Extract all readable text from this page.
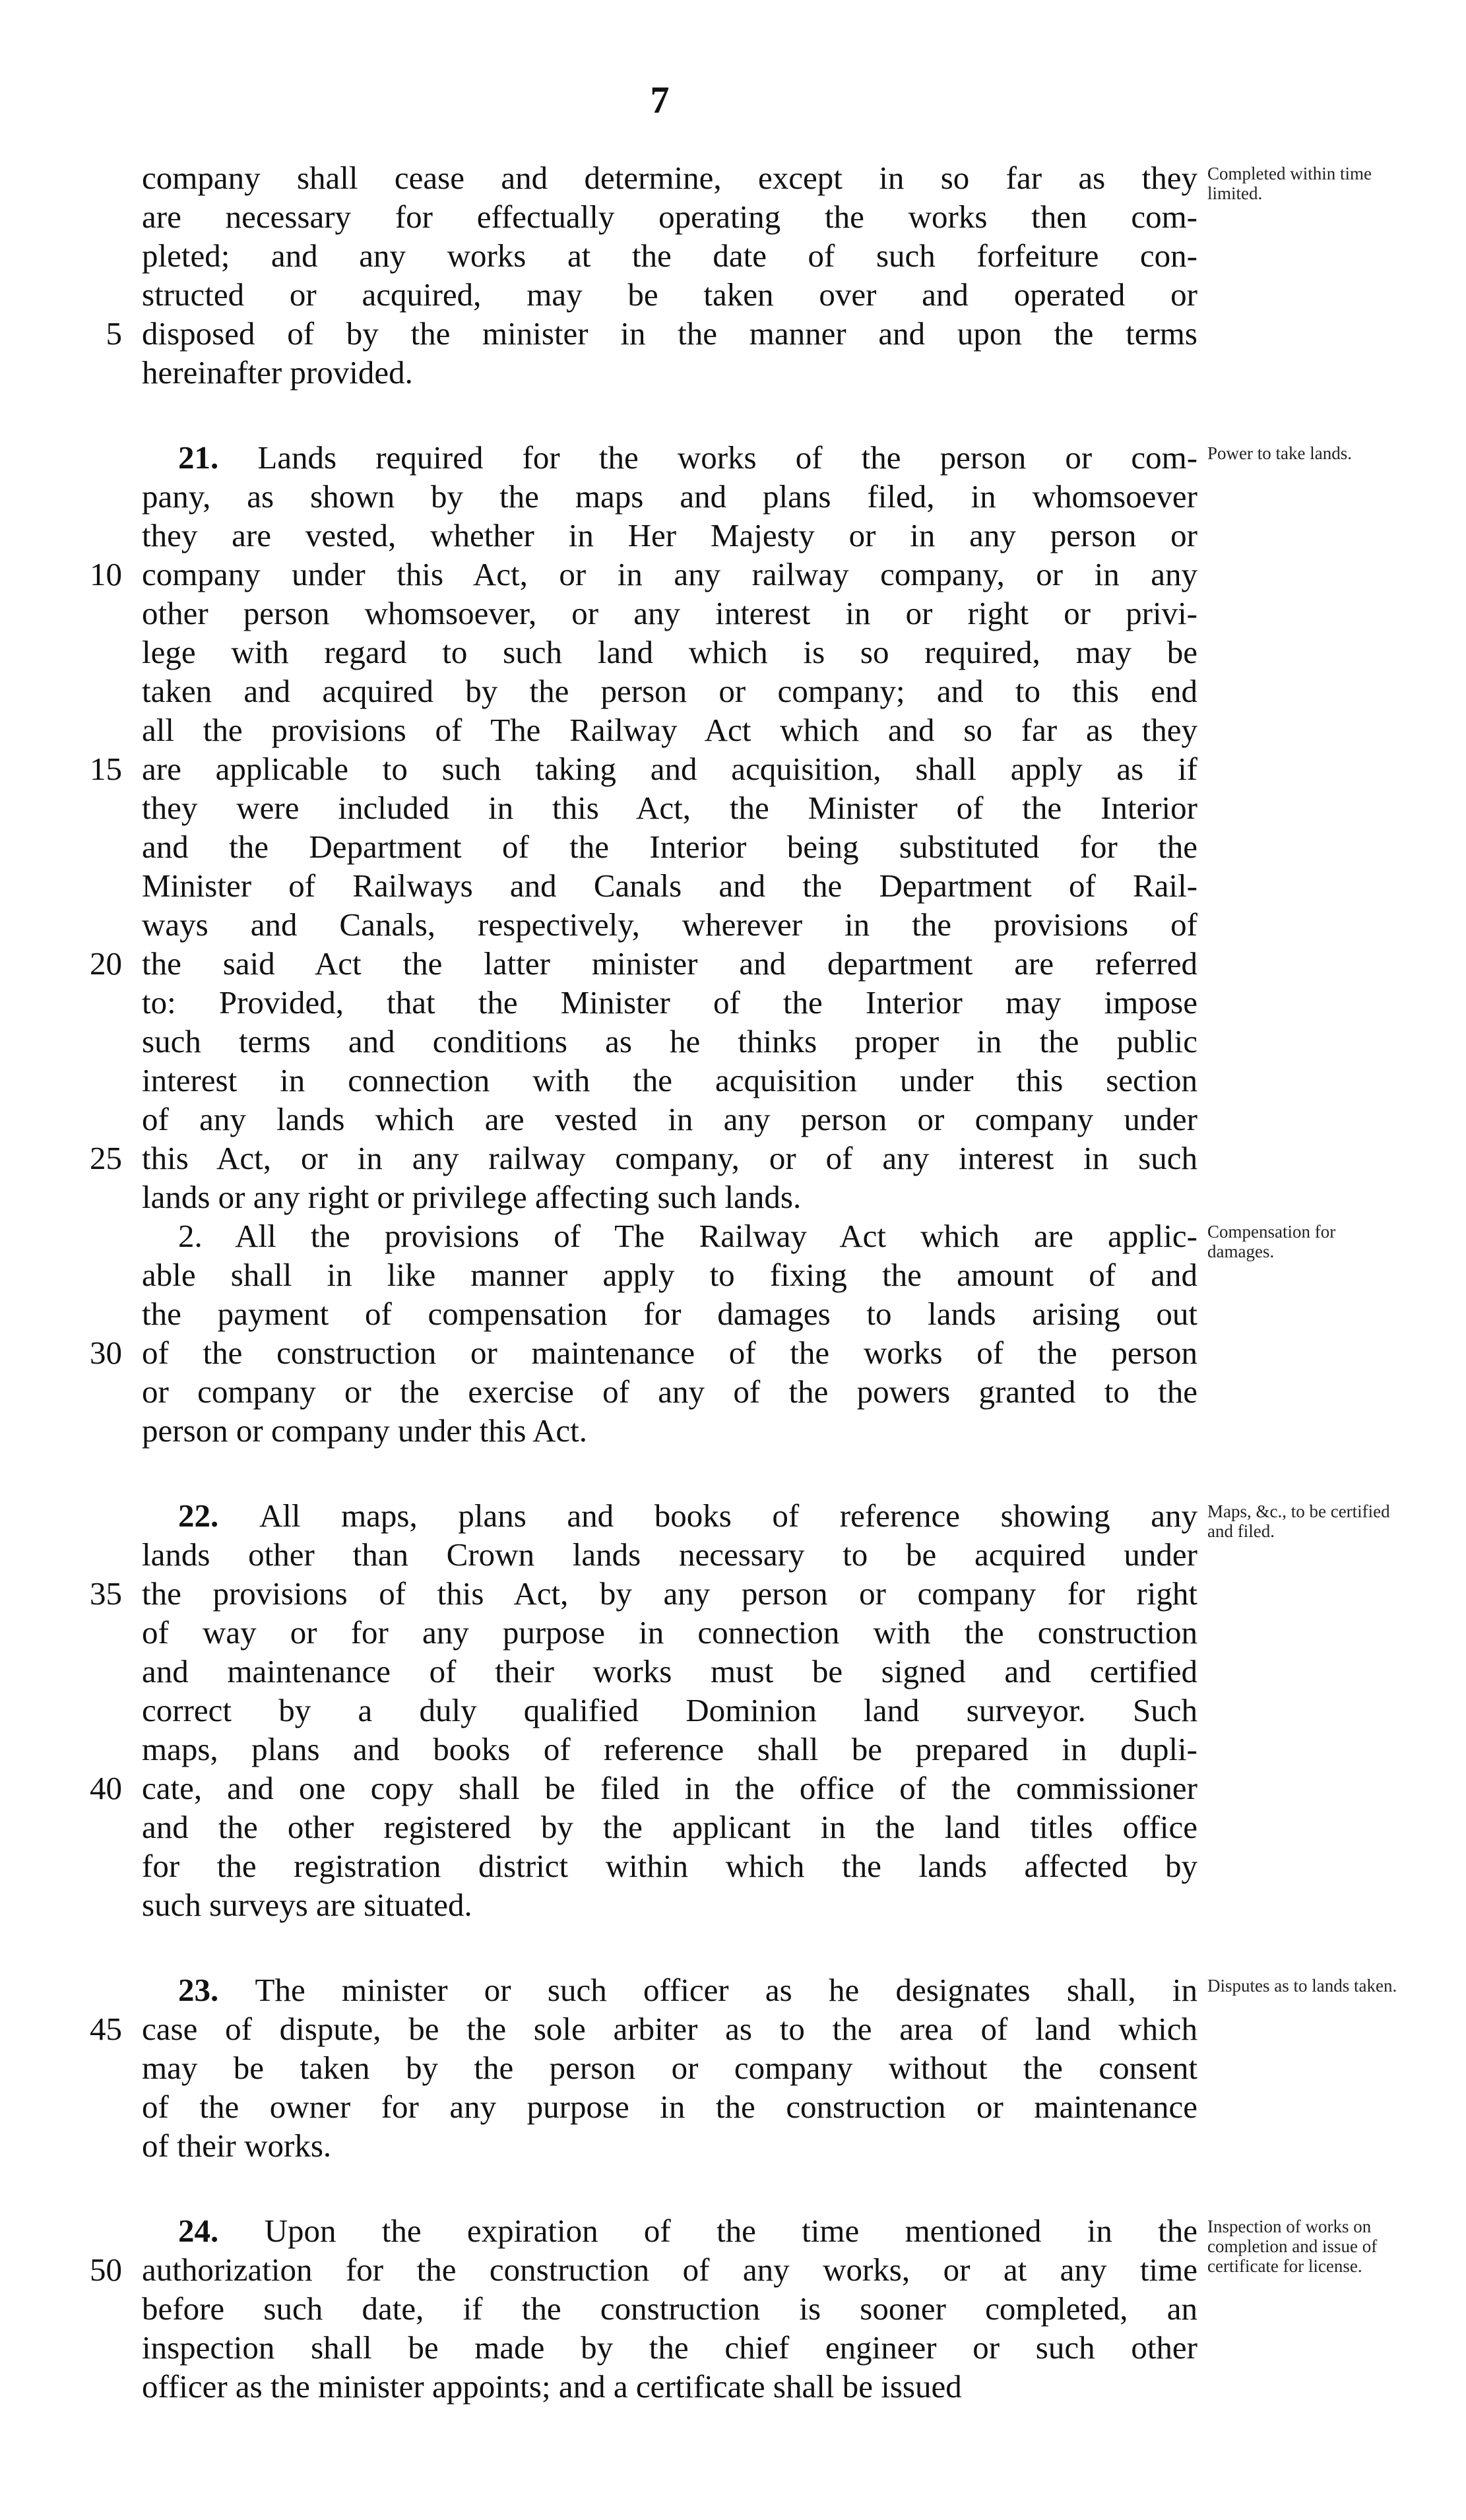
7
company shall cease and determine, except in so far as they
are necessary for effectually operating the works then com-
pleted; and any works at the date of such forfeiture con-
structed or acquired, may be taken over and operated or
5 disposed of by the minister in the manner and upon the terms
hereinafter provided.
21. Lands required for the works of the person or com-
pany, as shown by the maps and plans filed, in whomsoever
they are vested, whether in Her Majesty or in any person or
10 company under this Act, or in any railway company, or in any
other person whomsoever, or any interest in or right or privi-
lege with regard to such land which is so required, may be
taken and acquired by the person or company; and to this end
all the provisions of The Railway Act which and so far as they
15 are applicable to such taking and acquisition, shall apply as if
they were included in this Act, the Minister of the Interior
and the Department of the Interior being substituted for the
Minister of Railways and Canals and the Department of Rail-
ways and Canals, respectively, wherever in the provisions of
20 the said Act the latter minister and department are referred
to: Provided, that the Minister of the Interior may impose
such terms and conditions as he thinks proper in the public
interest in connection with the acquisition under this section
of any lands which are vested in any person or company under
25 this Act, or in any railway company, or of any interest in such
lands or any right or privilege affecting such lands.
2. All the provisions of The Railway Act which are applic-
able shall in like manner apply to fixing the amount of and
the payment of compensation for damages to lands arising out
30 of the construction or maintenance of the works of the person
or company or the exercise of any of the powers granted to the
person or company under this Act.
22. All maps, plans and books of reference showing any
lands other than Crown lands necessary to be acquired under
35 the provisions of this Act, by any person or company for right
of way or for any purpose in connection with the construction
and maintenance of their works must be signed and certified
correct by a duly qualified Dominion land surveyor. Such
maps, plans and books of reference shall be prepared in dupli-
40 cate, and one copy shall be filed in the office of the commissioner
and the other registered by the applicant in the land titles office
for the registration district within which the lands affected by
such surveys are situated.
23. The minister or such officer as he designates shall, in
45 case of dispute, be the sole arbiter as to the area of land which
may be taken by the person or company without the consent
of the owner for any purpose in the construction or maintenance
of their works.
24. Upon the expiration of the time mentioned in the
50 authorization for the construction of any works, or at any time
before such date, if the construction is sooner completed, an
inspection shall be made by the chief engineer or such other
officer as the minister appoints; and a certificate shall be issued
Completed within time limited.
Power to take lands.
Compensation for damages.
Maps, &c., to be certified and filed.
Disputes as to lands taken.
Inspection of works on completion and issue of certificate for license.
